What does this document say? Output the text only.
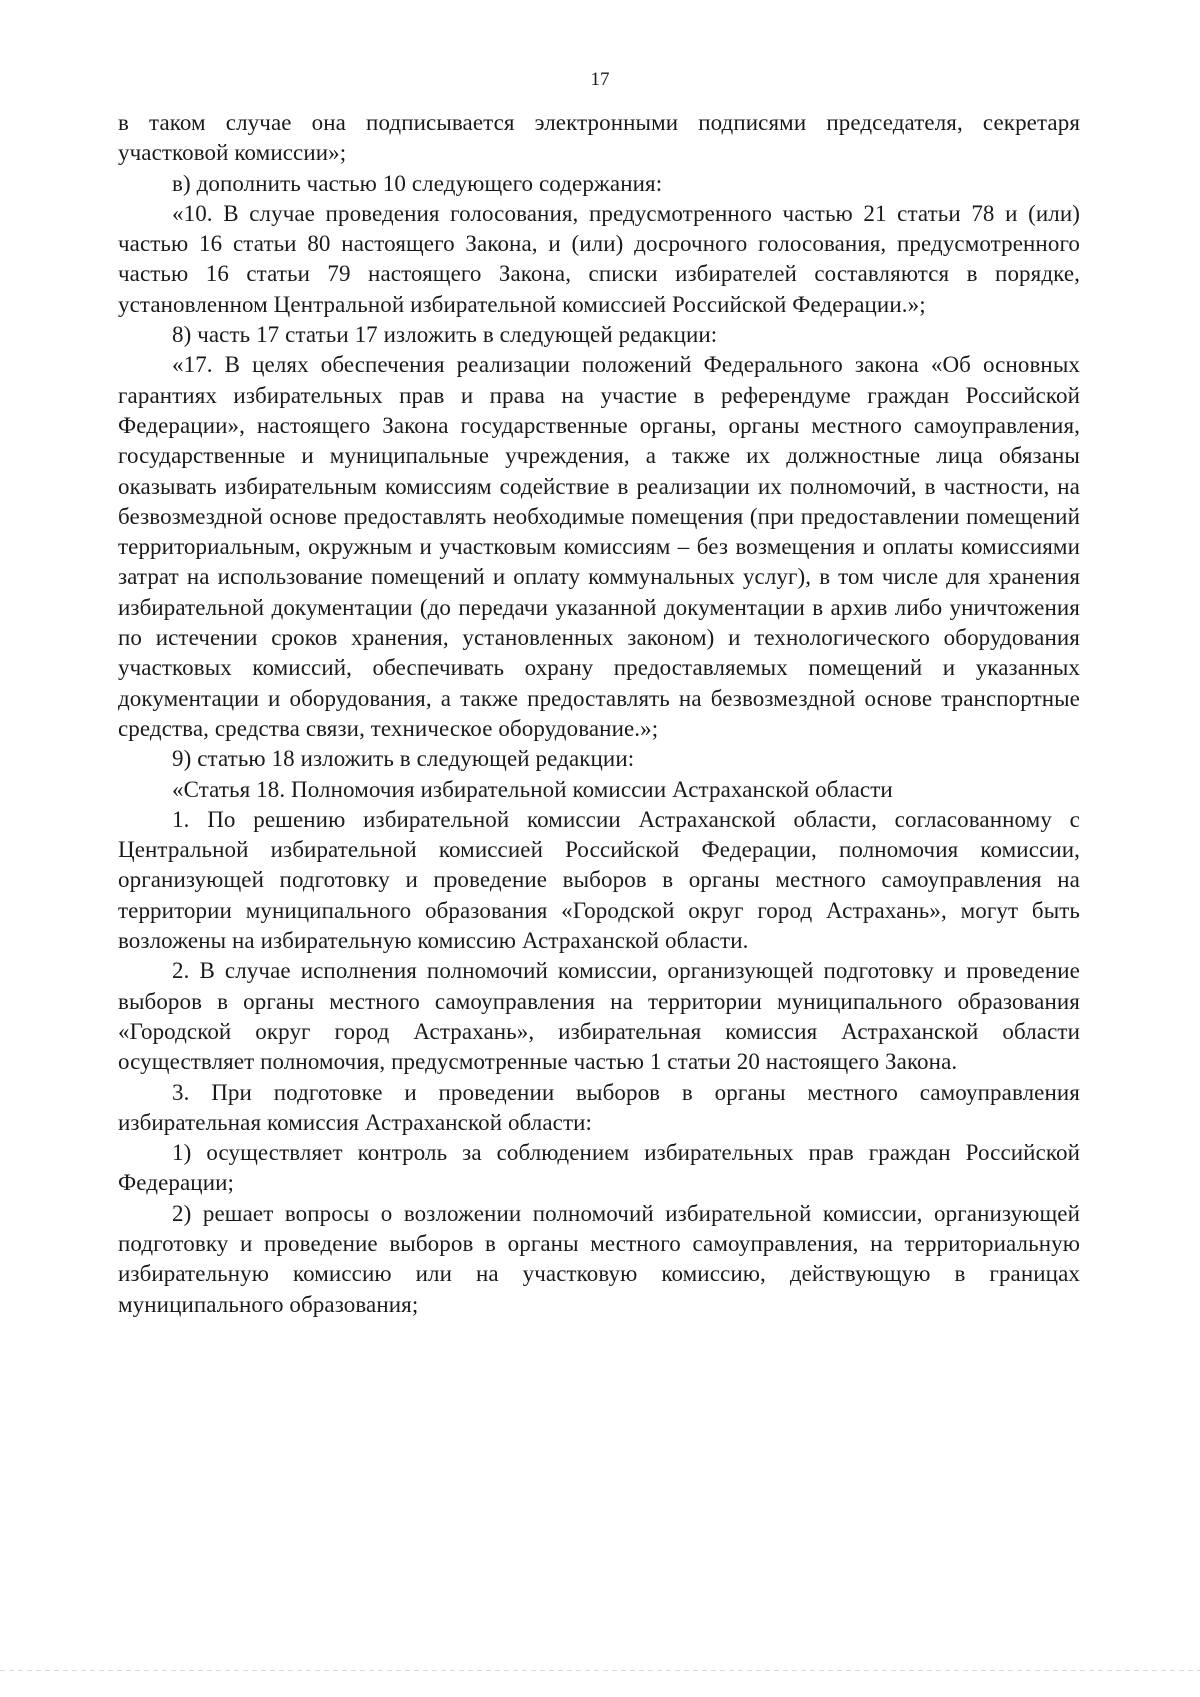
17

в таком случае она подписывается электронными подписями председателя, секретаря участковой комиссии»;

в) дополнить частью 10 следующего содержания:

«10. В случае проведения голосования, предусмотренного частью 21 статьи 78 и (или) частью 16 статьи 80 настоящего Закона, и (или) досрочного голосования, предусмотренного частью 16 статьи 79 настоящего Закона, списки избирателей составляются в порядке, установленном Центральной избирательной комиссией Российской Федерации.»;

8) часть 17 статьи 17 изложить в следующей редакции:

«17. В целях обеспечения реализации положений Федерального закона «Об основных гарантиях избирательных прав и права на участие в референдуме граждан Российской Федерации», настоящего Закона государственные органы, органы местного самоуправления, государственные и муниципальные учреждения, а также их должностные лица обязаны оказывать избирательным комиссиям содействие в реализации их полномочий, в частности, на безвозмездной основе предоставлять необходимые помещения (при предоставлении помещений территориальным, окружным и участковым комиссиям – без возмещения и оплаты комиссиями затрат на использование помещений и оплату коммунальных услуг), в том числе для хранения избирательной документации (до передачи указанной документации в архив либо уничтожения по истечении сроков хранения, установленных законом) и технологического оборудования участковых комиссий, обеспечивать охрану предоставляемых помещений и указанных документации и оборудования, а также предоставлять на безвозмездной основе транспортные средства, средства связи, техническое оборудование.»;

9) статью 18 изложить в следующей редакции:

«Статья 18. Полномочия избирательной комиссии Астраханской области

1. По решению избирательной комиссии Астраханской области, согласованному с Центральной избирательной комиссией Российской Федерации, полномочия комиссии, организующей подготовку и проведение выборов в органы местного самоуправления на территории муниципального образования «Городской округ город Астрахань», могут быть возложены на избирательную комиссию Астраханской области.

2. В случае исполнения полномочий комиссии, организующей подготовку и проведение выборов в органы местного самоуправления на территории муниципального образования «Городской округ город Астрахань», избирательная комиссия Астраханской области осуществляет полномочия, предусмотренные частью 1 статьи 20 настоящего Закона.

3. При подготовке и проведении выборов в органы местного самоуправления избирательная комиссия Астраханской области:

1) осуществляет контроль за соблюдением избирательных прав граждан Российской Федерации;

2) решает вопросы о возложении полномочий избирательной комиссии, организующей подготовку и проведение выборов в органы местного самоуправления, на территориальную избирательную комиссию или на участковую комиссию, действующую в границах муниципального образования;
